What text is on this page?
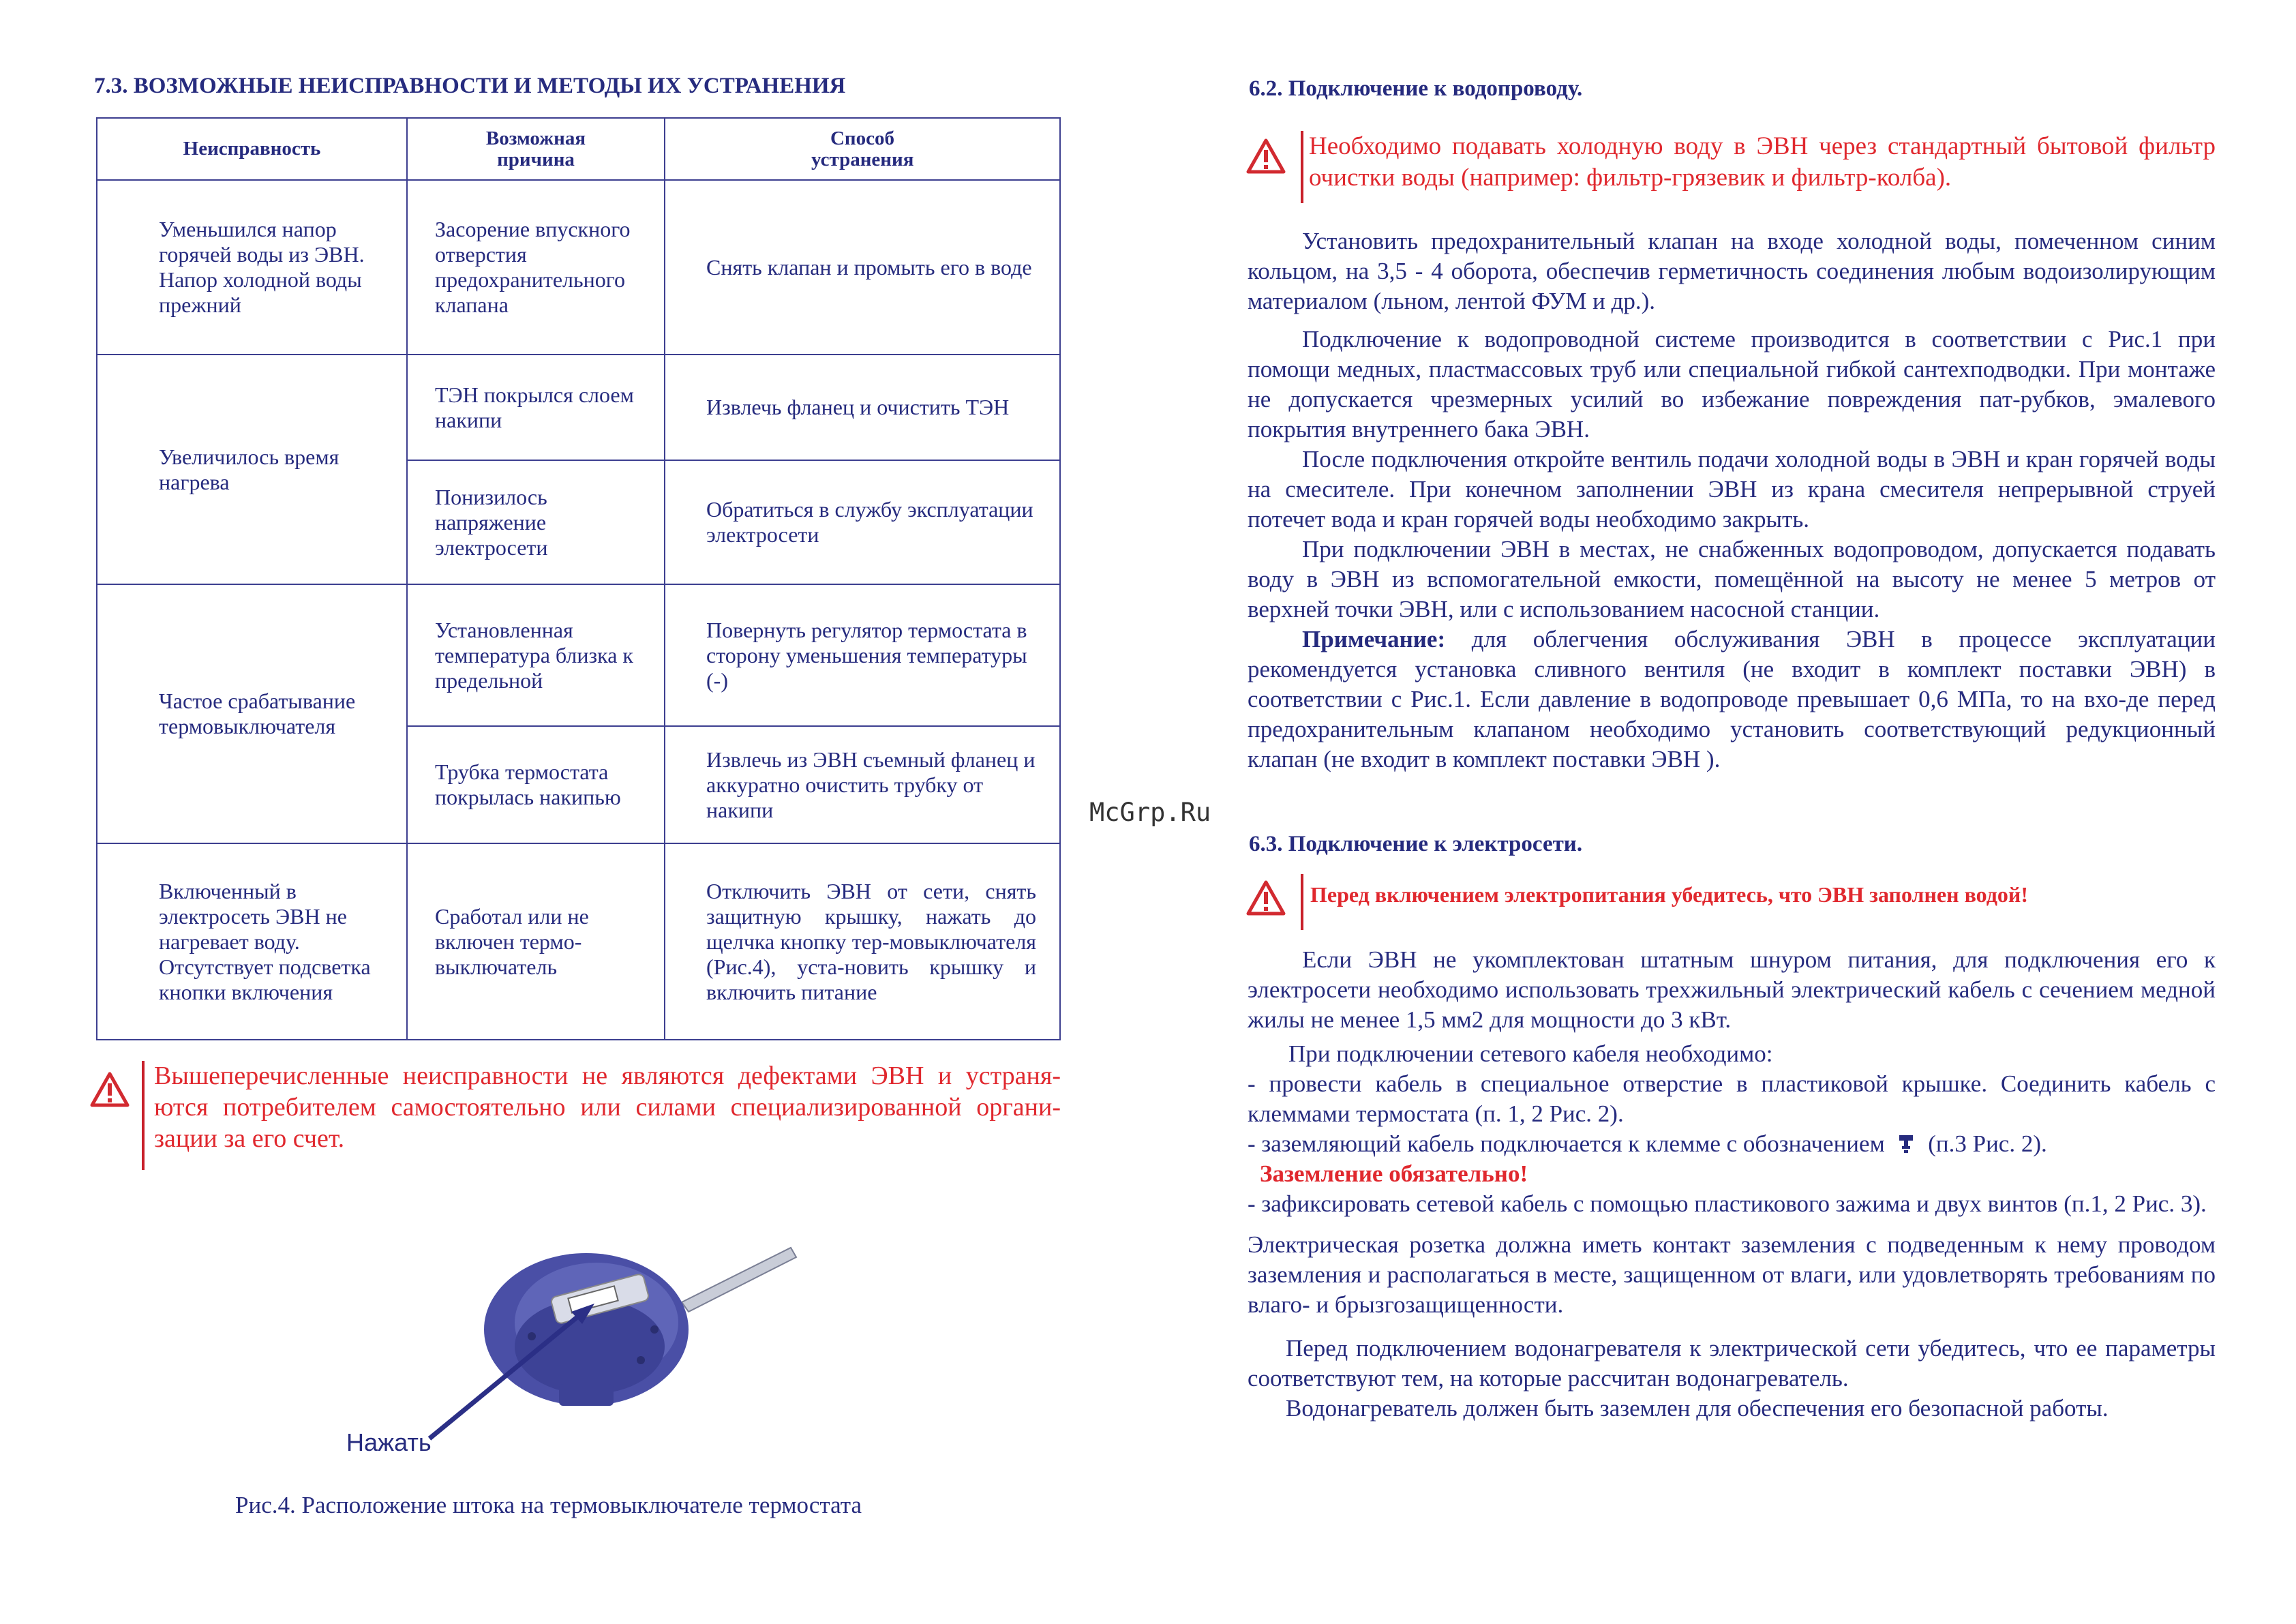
7.3. ВОЗМОЖНЫЕ НЕИСПРАВНОСТИ И МЕТОДЫ ИХ УСТРАНЕНИЯ
Неисправность	Возможная причина	Способ устранения

Уменьшился напор горячей воды из ЭВН. Напор холодной воды прежний	Засорение впускного отверстия предохранительного клапана	Снять клапан и промыть его в воде
Увеличилось время нагрева	ТЭН покрылся слоем накипи	Извлечь фланец и очистить ТЭН
	Понизилось напряжение электросети	Обратиться в службу эксплуатации электросети
Частое срабатывание термовыключателя	Установленная температура близка к предельной	Повернуть регулятор термостата в сторону уменьшения температуры (-)
	Трубка термостата покрылась накипью	Извлечь из ЭВН съемный фланец и аккуратно очистить трубку от накипи
Включенный в электросеть ЭВН не нагревает воду. Отсутствует подсветка кнопки включения	Сработал или не включен термо-выключатель	Отключить ЭВН от сети, снять защитную крышку, нажать до щелчка кнопку тер-мовыключателя (Рис.4), уста-новить крышку и включить питание
Вышеперечисленные неисправности не являются дефектами ЭВН и устраня-ются потребителем самостоятельно или силами специализированной органи-зации за его счет.
Нажать
Рис.4. Расположение штока на термовыключателе термостата
McGrp.Ru
6.2. Подключение к водопроводу.
Необходимо подавать холодную воду в ЭВН через стандартный бытовой фильтр очистки воды (например: фильтр-грязевик и фильтр-колба).

Установить предохранительный клапан на входе холодной воды, помеченном синим кольцом, на 3,5 - 4 оборота, обеспечив герметичность соединения любым водоизолирующим материалом (льном, лентой ФУМ и др.).

Подключение к водопроводной системе производится в соответствии с Рис.1 при помощи медных, пластмассовых труб или специальной гибкой сантехподводки. При монтаже не допускается чрезмерных усилий во избежание повреждения пат-рубков, эмалевого покрытия внутреннего бака ЭВН.

После подключения откройте вентиль подачи холодной воды в ЭВН и кран горячей воды на смесителе. При конечном заполнении ЭВН из крана смесителя непрерывной струей потечет вода и кран горячей воды необходимо закрыть.

При подключении ЭВН в местах, не снабженных водопроводом, допускается подавать воду в ЭВН из вспомогательной емкости, помещённой на высоту не менее 5 метров от верхней точки ЭВН, или с использованием насосной станции.

Примечание: для облегчения обслуживания ЭВН в процессе эксплуатации рекомендуется установка сливного вентиля (не входит в комплект поставки ЭВН) в соответствии с Рис.1. Если давление в водопроводе превышает 0,6 МПа, то на вхо-де перед предохранительным клапаном необходимо установить соответствующий редукционный клапан (не входит в комплект поставки ЭВН ).

6.3. Подключение к электросети.
Перед включением электропитания убедитесь, что ЭВН заполнен водой!

Если ЭВН не укомплектован штатным шнуром питания, для подключения его к электросети необходимо использовать трехжильный электрический кабель с сечением медной жилы не менее 1,5 мм2 для мощности до 3 кВт.

При подключении сетевого кабеля необходимо:

- провести кабель в специальное отверстие в пластиковой крышке. Соединить кабель с клеммами термостата (п. 1, 2 Рис. 2).

- заземляющий кабель подключается к клемме с обозначением (п.3 Рис. 2).

Заземление обязательно!

- зафиксировать сетевой кабель с помощью пластикового зажима и двух винтов (п.1, 2 Рис. 3).

Электрическая розетка должна иметь контакт заземления с подведенным к нему проводом заземления и располагаться в месте, защищенном от влаги, или удовлетворять требованиям по влаго- и брызгозащищенности.

Перед подключением водонагревателя к электрической сети убедитесь, что ее параметры соответствуют тем, на которые рассчитан водонагреватель.

Водонагреватель должен быть заземлен для обеспечения его безопасной работы.
